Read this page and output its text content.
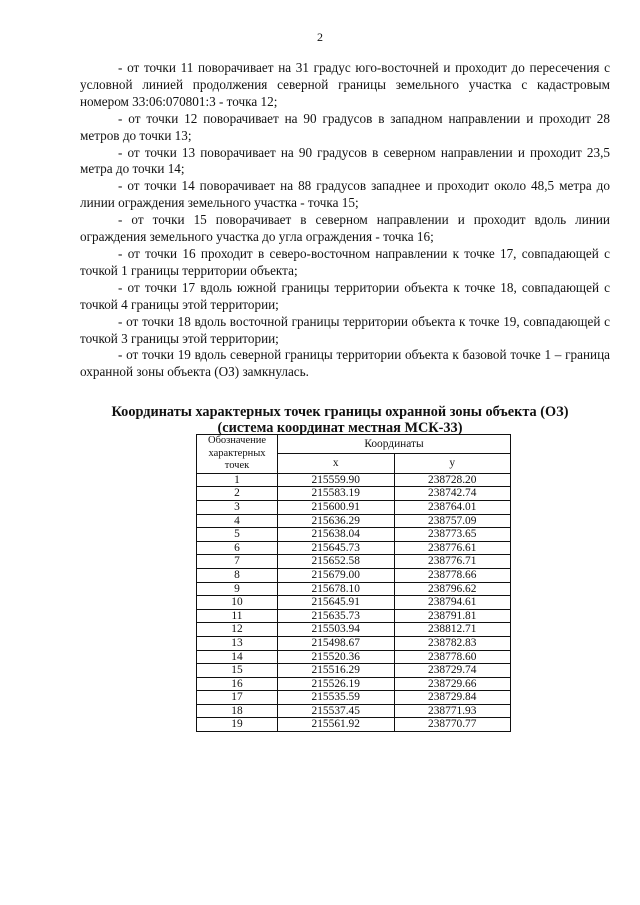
2

- от точки 11 поворачивает на 31 градус юго-восточней и проходит до пересечения с условной линией продолжения северной границы земельного участка с кадастровым номером 33:06:070801:3 - точка 12;

- от точки 12 поворачивает на 90 градусов в западном направлении и проходит 28 метров до точки 13;

- от точки 13 поворачивает на 90 градусов в северном направлении и проходит 23,5 метра до точки 14;

- от точки 14 поворачивает на 88 градусов западнее и проходит около 48,5 метра до линии ограждения земельного участка - точка 15;

- от точки 15 поворачивает в северном направлении и проходит вдоль линии ограждения земельного участка до угла ограждения - точка 16;

- от точки 16 проходит в северо-восточном направлении к точке 17, совпадающей с точкой 1 границы территории объекта;

- от точки 17 вдоль южной границы территории объекта к точке 18, совпадающей с точкой 4 границы этой территории;

- от точки 18 вдоль восточной границы территории объекта к точке 19, совпадающей с точкой 3 границы этой территории;

- от точки 19 вдоль северной границы территории объекта к базовой точке 1 – граница охранной зоны объекта (ОЗ) замкнулась.

Координаты характерных точек границы охранной зоны объекта (ОЗ)
(система координат местная МСК-33)
Обозначение характерных точек	Координаты	
	x	y
1	215559.90	238728.20
2	215583.19	238742.74
3	215600.91	238764.01
4	215636.29	238757.09
5	215638.04	238773.65
6	215645.73	238776.61
7	215652.58	238776.71
8	215679.00	238778.66
9	215678.10	238796.62
10	215645.91	238794.61
11	215635.73	238791.81
12	215503.94	238812.71
13	215498.67	238782.83
14	215520.36	238778.60
15	215516.29	238729.74
16	215526.19	238729.66
17	215535.59	238729.84
18	215537.45	238771.93
19	215561.92	238770.77
